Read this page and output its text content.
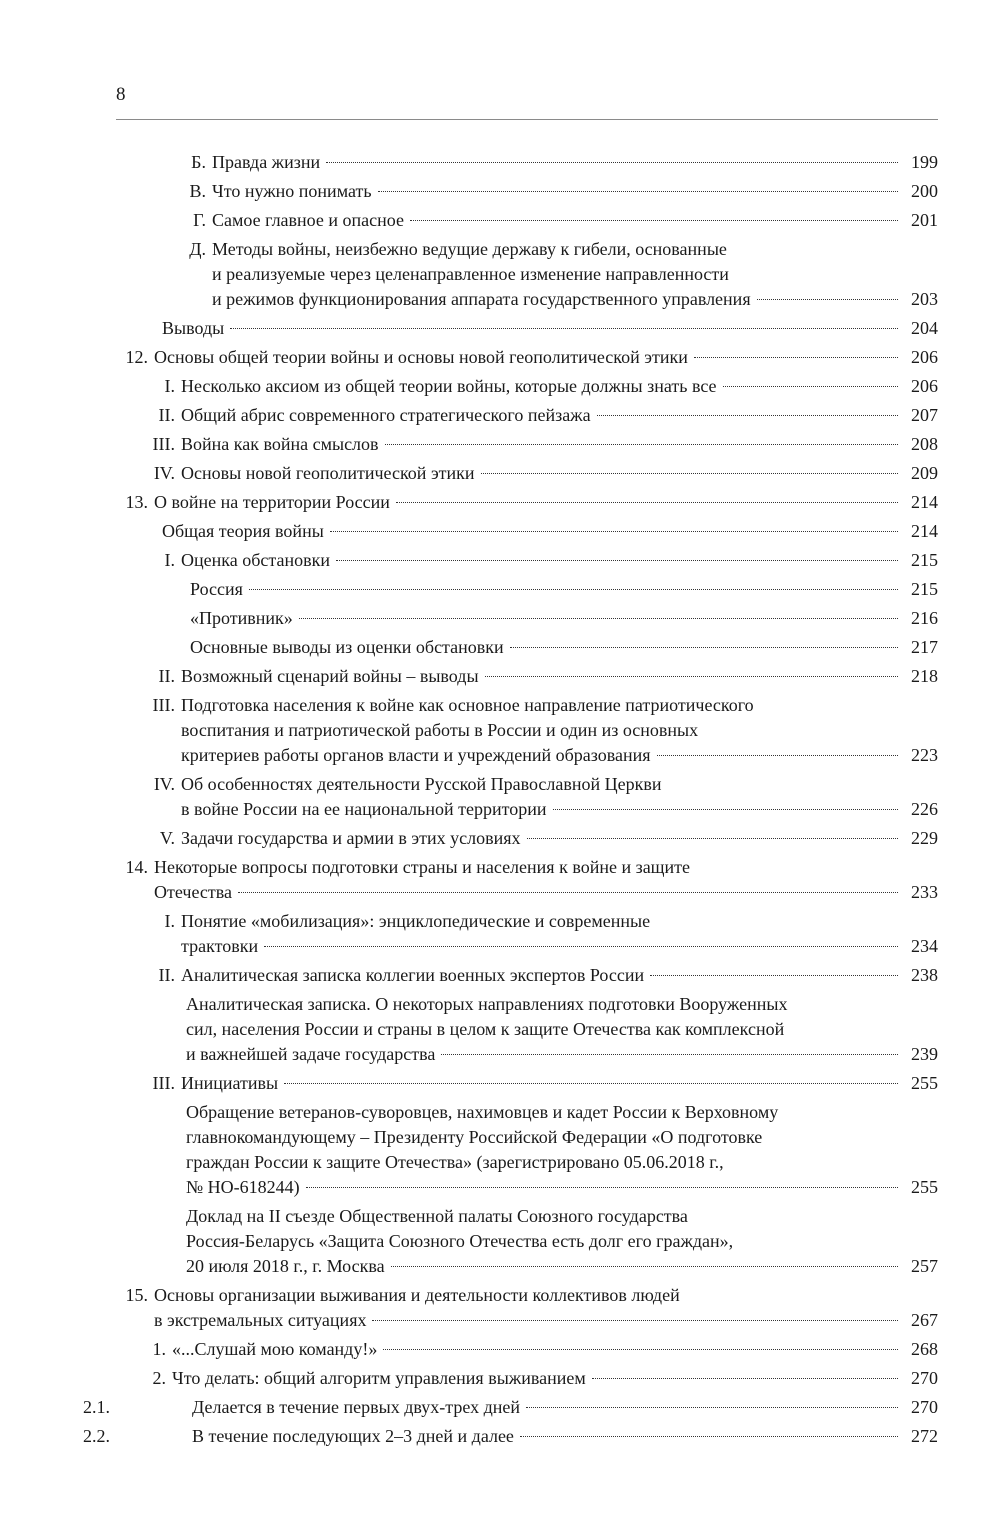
8
Б. Правда жизни	199
В. Что нужно понимать	200
Г. Самое главное и опасное	201
Д. Методы войны, неизбежно ведущие державу к гибели, основанные
и реализуемые через целенаправленное изменение направленности
и режимов функционирования аппарата государственного управления	203
Выводы	204
12. Основы общей теории войны и основы новой геополитической этики	206
I. Несколько аксиом из общей теории войны, которые должны знать все	206
II. Общий абрис современного стратегического пейзажа	207
III. Война как война смыслов	208
IV. Основы новой геополитической этики	209
13. О войне на территории России	214
Общая теория войны	214
I. Оценка обстановки	215
Россия	215
«Противник»	216
Основные выводы из оценки обстановки	217
II. Возможный сценарий войны – выводы	218
III. Подготовка населения к войне как основное направление патриотического
воспитания и патриотической работы в России и один из основных
критериев работы органов власти и учреждений образования	223
IV. Об особенностях деятельности Русской Православной Церкви
в войне России на ее национальной территории	226
V. Задачи государства и армии в этих условиях	229
14. Некоторые вопросы подготовки страны и населения к войне и защите
Отечества	233
I. Понятие «мобилизация»: энциклопедические и современные
трактовки	234
II. Аналитическая записка коллегии военных экспертов России	238
Аналитическая записка. О некоторых направлениях подготовки Вооруженных
сил, населения России и страны в целом к защите Отечества как комплексной
и важнейшей задаче государства	239
III. Инициативы	255
Обращение ветеранов-суворовцев, нахимовцев и кадет России к Верховному
главнокомандующему – Президенту Российской Федерации «О подготовке
граждан России к защите Отечества» (зарегистрировано 05.06.2018 г.,
№ НО-618244)	255
Доклад на II съезде Общественной палаты Союзного государства
Россия-Беларусь «Защита Союзного Отечества есть долг его граждан»,
20 июля 2018 г., г. Москва	257
15. Основы организации выживания и деятельности коллективов людей
в экстремальных ситуациях	267
1. «...Слушай мою команду!»	268
2. Что делать: общий алгоритм управления выживанием	270
2.1.	Делается в течение первых двух-трех дней	270
2.2.	В течение последующих 2–3 дней и далее	272
